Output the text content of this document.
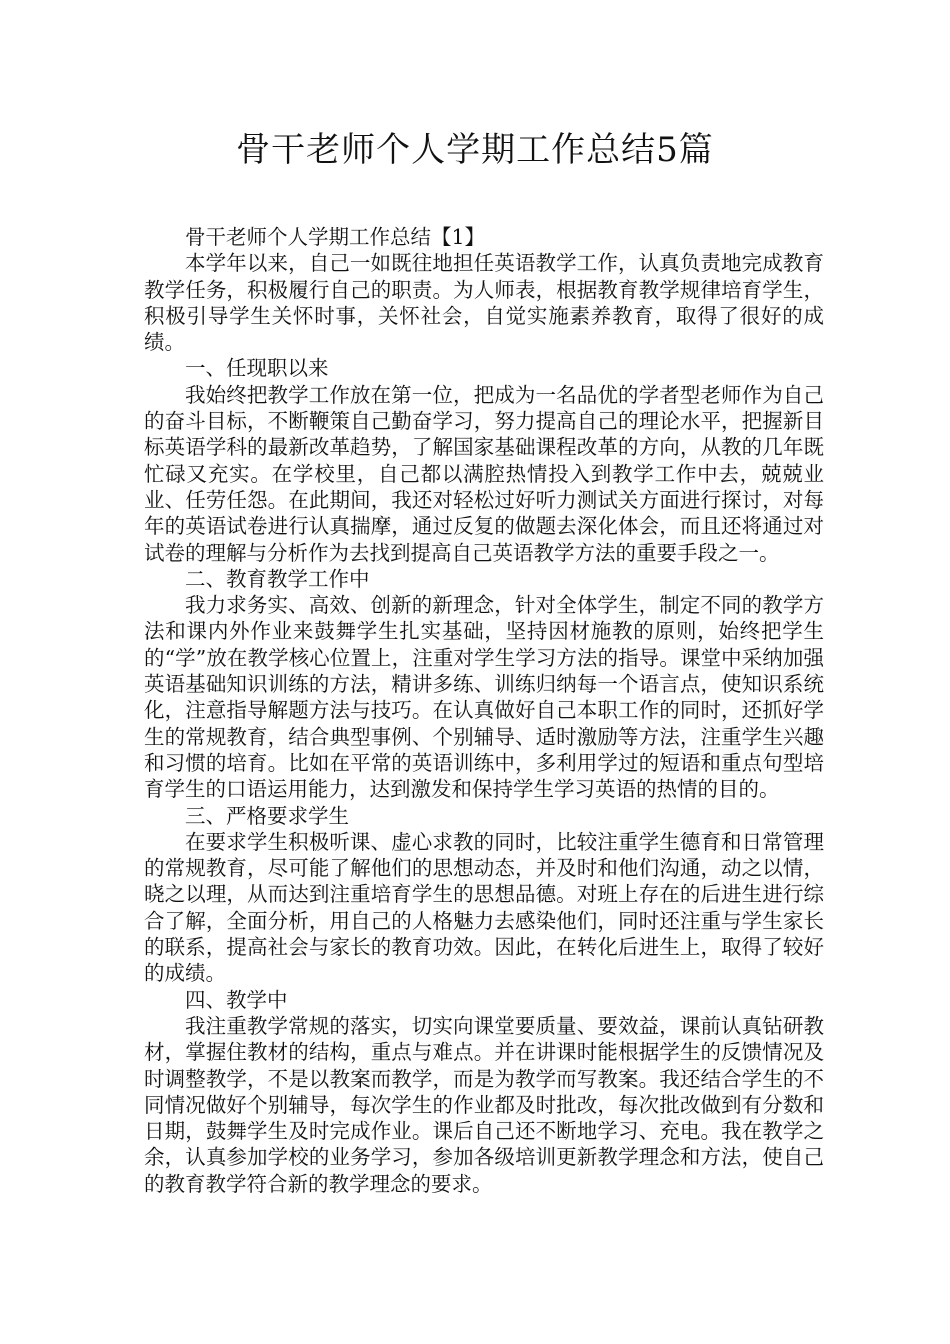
骨干老师个人学期工作总结5篇

骨干老师个人学期工作总结【1】

本学年以来，自己一如既往地担任英语教学工作，认真负责地完成教育教学任务，积极履行自己的职责。为人师表，根据教育教学规律培育学生，积极引导学生关怀时事，关怀社会，自觉实施素养教育，取得了很好的成绩。

一、任现职以来

我始终把教学工作放在第一位，把成为一名品优的学者型老师作为自己的奋斗目标，不断鞭策自己勤奋学习，努力提高自己的理论水平，把握新目标英语学科的最新改革趋势，了解国家基础课程改革的方向，从教的几年既忙碌又充实。在学校里，自己都以满腔热情投入到教学工作中去，兢兢业业、任劳任怨。在此期间，我还对轻松过好听力测试关方面进行探讨，对每年的英语试卷进行认真揣摩，通过反复的做题去深化体会，而且还将通过对试卷的理解与分析作为去找到提高自己英语教学方法的重要手段之一。

二、教育教学工作中

我力求务实、高效、创新的新理念，针对全体学生，制定不同的教学方法和课内外作业来鼓舞学生扎实基础，坚持因材施教的原则，始终把学生的“学”放在教学核心位置上，注重对学生学习方法的指导。课堂中采纳加强英语基础知识训练的方法，精讲多练、训练归纳每一个语言点，使知识系统化，注意指导解题方法与技巧。在认真做好自己本职工作的同时，还抓好学生的常规教育，结合典型事例、个别辅导、适时激励等方法，注重学生兴趣和习惯的培育。比如在平常的英语训练中，多利用学过的短语和重点句型培育学生的口语运用能力，达到激发和保持学生学习英语的热情的目的。

三、严格要求学生

在要求学生积极听课、虚心求教的同时，比较注重学生德育和日常管理的常规教育，尽可能了解他们的思想动态，并及时和他们沟通，动之以情，晓之以理，从而达到注重培育学生的思想品德。对班上存在的后进生进行综合了解，全面分析，用自己的人格魅力去感染他们，同时还注重与学生家长的联系，提高社会与家长的教育功效。因此，在转化后进生上，取得了较好的成绩。

四、教学中

我注重教学常规的落实，切实向课堂要质量、要效益，课前认真钻研教材，掌握住教材的结构，重点与难点。并在讲课时能根据学生的反馈情况及时调整教学，不是以教案而教学，而是为教学而写教案。我还结合学生的不同情况做好个别辅导，每次学生的作业都及时批改，每次批改做到有分数和日期，鼓舞学生及时完成作业。课后自己还不断地学习、充电。我在教学之余，认真参加学校的业务学习，参加各级培训更新教学理念和方法，使自己的教育教学符合新的教学理念的要求。
